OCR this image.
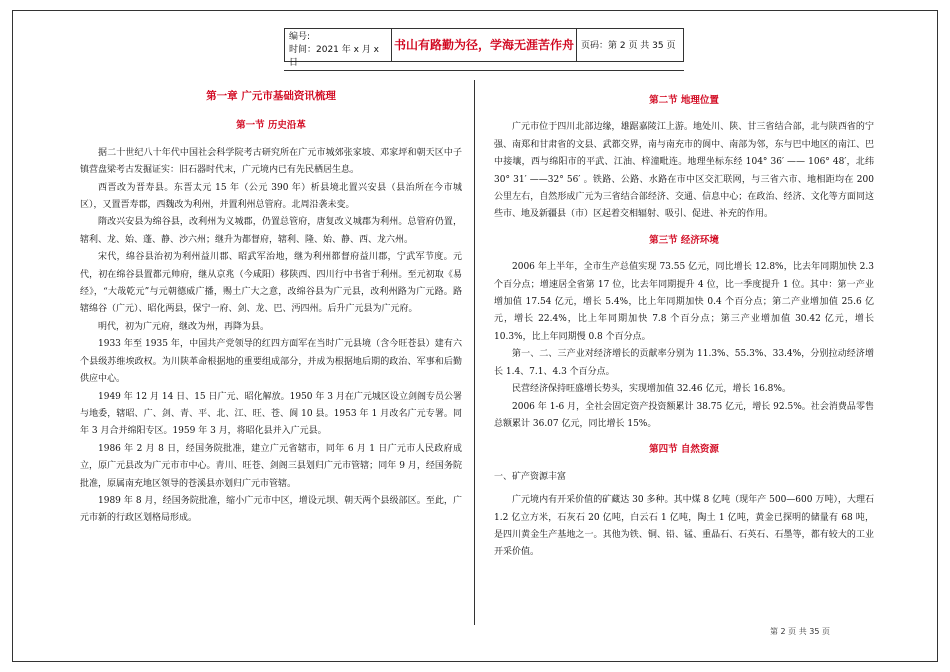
编号:
时间：2021 年 x 月 x 日
书山有路勤为径，学海无涯苦作舟 页码：第 2 页 共 35 页
第一章 广元市基础资讯梳理
第一节 历史沿革

据二十世纪八十年代中国社会科学院考古研究所在广元市城郊张家坡、邓家坪和朝天区中子镇营盘梁考古发掘证实：旧石器时代末，广元境内已有先民栖居生息。

西晋改为晋寿县。东晋太元 15 年（公元 390 年）析县境北置兴安县（县治所在今市城区），又置晋寿郡，西魏改为利州，并置利州总管府。北周沿袭未变。

隋改兴安县为绵谷县，改利州为义城郡，仍置总管府，唐复改义城郡为利州。总管府仍置，辖利、龙、始、蓬、静、沙六州；继升为都督府，辖利、隆、始、静、西、龙六州。

宋代，绵谷县治初为利州益川郡、昭武军治地，继为利州都督府益川郡，宁武军节度。元代，初在绵谷县置都元帅府，继从京兆（今咸阳）移陕西、四川行中书省于利州。至元初取《易经》，“大哉乾元”与元朝德威广播，赐土广大之意，改绵谷县为广元县，改利州路为广元路。路辖绵谷（广元）、昭化两县，保宁一府、剑、龙、巴、沔四州。后升广元县为广元府。

明代，初为广元府，继改为州，再降为县。

1933 年至 1935 年，中国共产党领导的红四方面军在当时广元县境（含今旺苍县）建有六个县级苏维埃政权。为川陕革命根据地的重要组成部分，并成为根据地后期的政治、军事和后勤供应中心。

1949 年 12 月 14 日、15 日广元、昭化解放。1950 年 3 月在广元城区设立剑阁专员公署与地委，辖昭、广、剑、青、平、北、江、旺、苍、阆 10 县。1953 年 1 月改名广元专署。同年 3 月合并绵阳专区。1959 年 3 月，将昭化县并入广元县。

1986 年 2 月 8 日，经国务院批准，建立广元省辖市，同年 6 月 1 日广元市人民政府成立，原广元县改为广元市市中心。青川、旺苍、剑阁三县划归广元市管辖；同年 9 月，经国务院批准，原属南充地区领导的苍溪县亦划归广元市管辖。

1989 年 8 月，经国务院批准，缩小广元市中区，增设元坝、朝天两个县级部区。至此，广元市新的行政区划格局形成。

第二节 地理位置

广元市位于四川北部边缘，雄踞嘉陵江上游。地处川、陕、甘三省结合部，北与陕西省的宁强、南郑和甘肃省的文县、武都交界，南与南充市的阆中、南部为邻，东与巴中地区的南江、巴中接壤，西与绵阳市的平武、江油、梓潼毗连。地理坐标东经 104° 36′ —— 106° 48′，北纬 30° 31′ ——32° 56′ 。铁路、公路、水路在市中区交汇联网，与三省六市、地相距均在 200 公里左右，自然形成广元为三省结合部经济、交通、信息中心；在政治、经济、文化等方面同这些市、地及新疆县（市）区起着交相辐射、吸引、促进、补充的作用。

第三节 经济环境

2006 年上半年，全市生产总值实现 73.55 亿元，同比增长 12.8%，比去年同期加快 2.3 个百分点；增速居全省第 17 位，比去年同期提升 4 位，比一季度提升 1 位。其中：第一产业增加值 17.54 亿元，增长 5.4%，比上年同期加快 0.4 个百分点；第二产业增加值 25.6 亿元，增长 22.4%，比上年同期加快 7.8 个百分点；第三产业增加值 30.42 亿元，增长 10.3%，比上年同期慢 0.8 个百分点。

第一、二、三产业对经济增长的贡献率分别为 11.3%、55.3%、33.4%，分别拉动经济增长 1.4、7.1、4.3 个百分点。

民营经济保持旺盛增长势头，实现增加值 32.46 亿元，增长 16.8%。

2006 年 1-6 月，全社会固定资产投资额累计 38.75 亿元，增长 92.5%。社会消费品零售总额累计 36.07 亿元，同比增长 15%。

第四节 自然资源

一、矿产资源丰富

广元境内有开采价值的矿藏达 30 多种。其中煤 8 亿吨（现年产 500—600 万吨），大理石 1.2 亿立方米，石灰石 20 亿吨，白云石 1 亿吨，陶土 1 亿吨，黄金已探明的储量有 68 吨，是四川黄金生产基地之一。其他为铁、铜、铅、锰、重晶石、石英石、石墨等，都有较大的工业开采价值。

第 2 页 共 35 页
